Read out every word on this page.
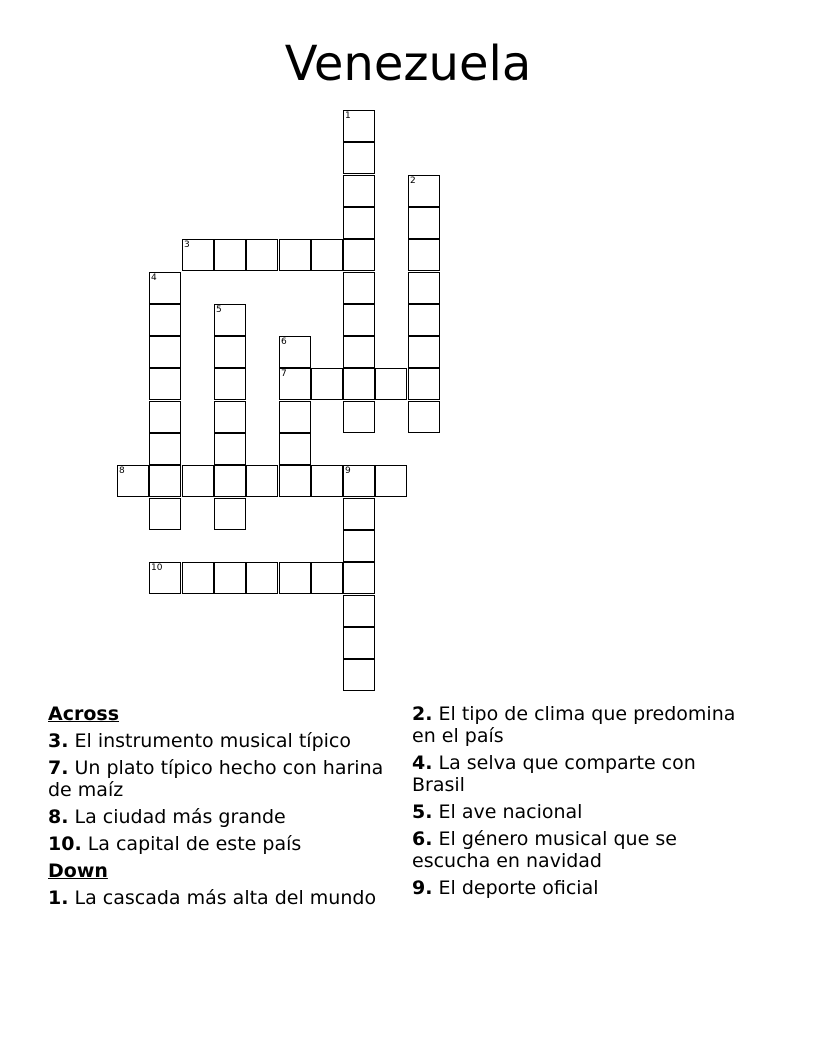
Venezuela
1
2
3
4
5
6
7
8	9
10
Across
3. El instrumento musical típico
7. Un plato típico hecho con harina de maíz
8. La ciudad más grande
10. La capital de este país
Down
1. La cascada más alta del mundo
2. El tipo de clima que predomina en el país
4. La selva que comparte con Brasil
5. El ave nacional
6. El género musical que se escucha en navidad
9. El deporte oficial
